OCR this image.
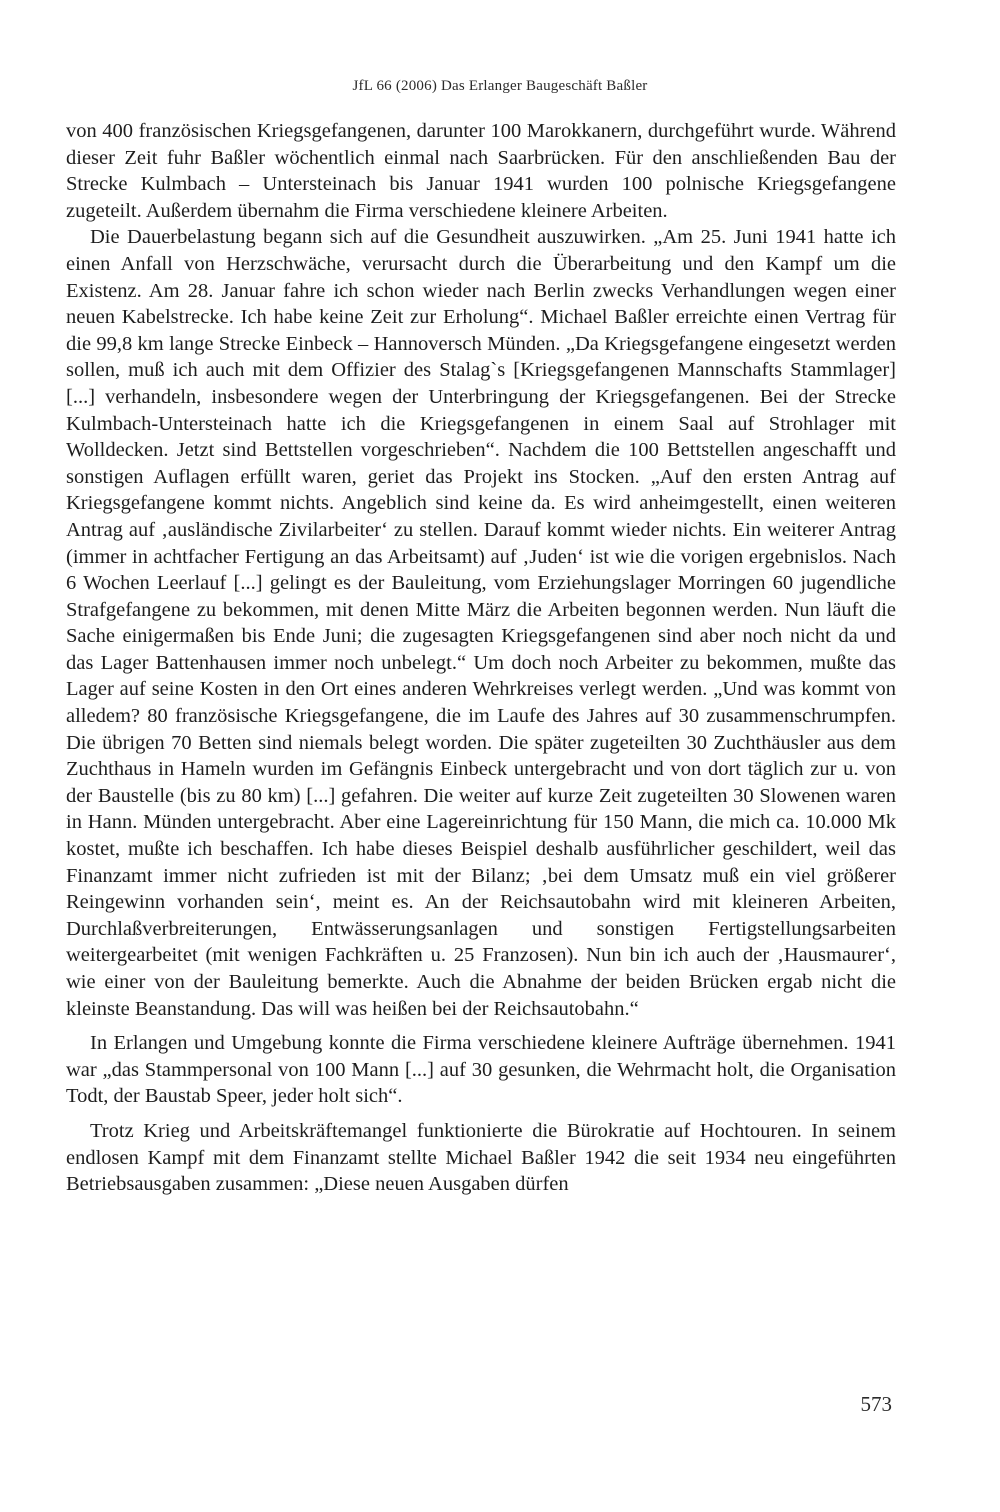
JfL 66 (2006) Das Erlanger Baugeschäft Baßler

von 400 französischen Kriegsgefangenen, darunter 100 Marokkanern, durchgeführt wurde. Während dieser Zeit fuhr Baßler wöchentlich einmal nach Saarbrücken. Für den anschließenden Bau der Strecke Kulmbach – Untersteinach bis Januar 1941 wurden 100 polnische Kriegsgefangene zugeteilt. Außerdem übernahm die Firma verschiedene kleinere Arbeiten.

Die Dauerbelastung begann sich auf die Gesundheit auszuwirken. „Am 25. Juni 1941 hatte ich einen Anfall von Herzschwäche, verursacht durch die Überarbeitung und den Kampf um die Existenz. Am 28. Januar fahre ich schon wieder nach Berlin zwecks Verhandlungen wegen einer neuen Kabelstrecke. Ich habe keine Zeit zur Erholung“. Michael Baßler erreichte einen Vertrag für die 99,8 km lange Strecke Einbeck – Hannoversch Münden. „Da Kriegsgefangene eingesetzt werden sollen, muß ich auch mit dem Offizier des Stalag`s [Kriegsgefangenen Mannschafts Stammlager] [...] verhandeln, insbesondere wegen der Unterbringung der Kriegsgefangenen. Bei der Strecke Kulmbach-Untersteinach hatte ich die Kriegsgefangenen in einem Saal auf Strohlager mit Wolldecken. Jetzt sind Bettstellen vorgeschrieben“. Nachdem die 100 Bettstellen angeschafft und sonstigen Auflagen erfüllt waren, geriet das Projekt ins Stocken. „Auf den ersten Antrag auf Kriegsgefangene kommt nichts. Angeblich sind keine da. Es wird anheimgestellt, einen weiteren Antrag auf ‚ausländische Zivilarbeiter‘ zu stellen. Darauf kommt wieder nichts. Ein weiterer Antrag (immer in achtfacher Fertigung an das Arbeitsamt) auf ‚Juden‘ ist wie die vorigen ergebnislos. Nach 6 Wochen Leerlauf [...] gelingt es der Bauleitung, vom Erziehungslager Morringen 60 jugendliche Strafgefangene zu bekommen, mit denen Mitte März die Arbeiten begonnen werden. Nun läuft die Sache einigermaßen bis Ende Juni; die zugesagten Kriegsgefangenen sind aber noch nicht da und das Lager Battenhausen immer noch unbelegt.“ Um doch noch Arbeiter zu bekommen, mußte das Lager auf seine Kosten in den Ort eines anderen Wehrkreises verlegt werden. „Und was kommt von alledem? 80 französische Kriegsgefangene, die im Laufe des Jahres auf 30 zusammenschrumpfen. Die übrigen 70 Betten sind niemals belegt worden. Die später zugeteilten 30 Zuchthäusler aus dem Zuchthaus in Hameln wurden im Gefängnis Einbeck untergebracht und von dort täglich zur u. von der Baustelle (bis zu 80 km) [...] gefahren. Die weiter auf kurze Zeit zugeteilten 30 Slowenen waren in Hann. Münden untergebracht. Aber eine Lagereinrichtung für 150 Mann, die mich ca. 10.000 Mk kostet, mußte ich beschaffen. Ich habe dieses Beispiel deshalb ausführlicher geschildert, weil das Finanzamt immer nicht zufrieden ist mit der Bilanz; ‚bei dem Umsatz muß ein viel größerer Reingewinn vorhanden sein‘, meint es. An der Reichsautobahn wird mit kleineren Arbeiten, Durchlaßverbreiterungen, Entwässerungsanlagen und sonstigen Fertigstellungsarbeiten weitergearbeitet (mit wenigen Fachkräften u. 25 Franzosen). Nun bin ich auch der ‚Hausmaurer‘, wie einer von der Bauleitung bemerkte. Auch die Abnahme der beiden Brücken ergab nicht die kleinste Beanstandung. Das will was heißen bei der Reichsautobahn.“

In Erlangen und Umgebung konnte die Firma verschiedene kleinere Aufträge übernehmen. 1941 war „das Stammpersonal von 100 Mann [...] auf 30 gesunken, die Wehrmacht holt, die Organisation Todt, der Baustab Speer, jeder holt sich“.

Trotz Krieg und Arbeitskräftemangel funktionierte die Bürokratie auf Hochtouren. In seinem endlosen Kampf mit dem Finanzamt stellte Michael Baßler 1942 die seit 1934 neu eingeführten Betriebsausgaben zusammen: „Diese neuen Ausgaben dürfen

573
